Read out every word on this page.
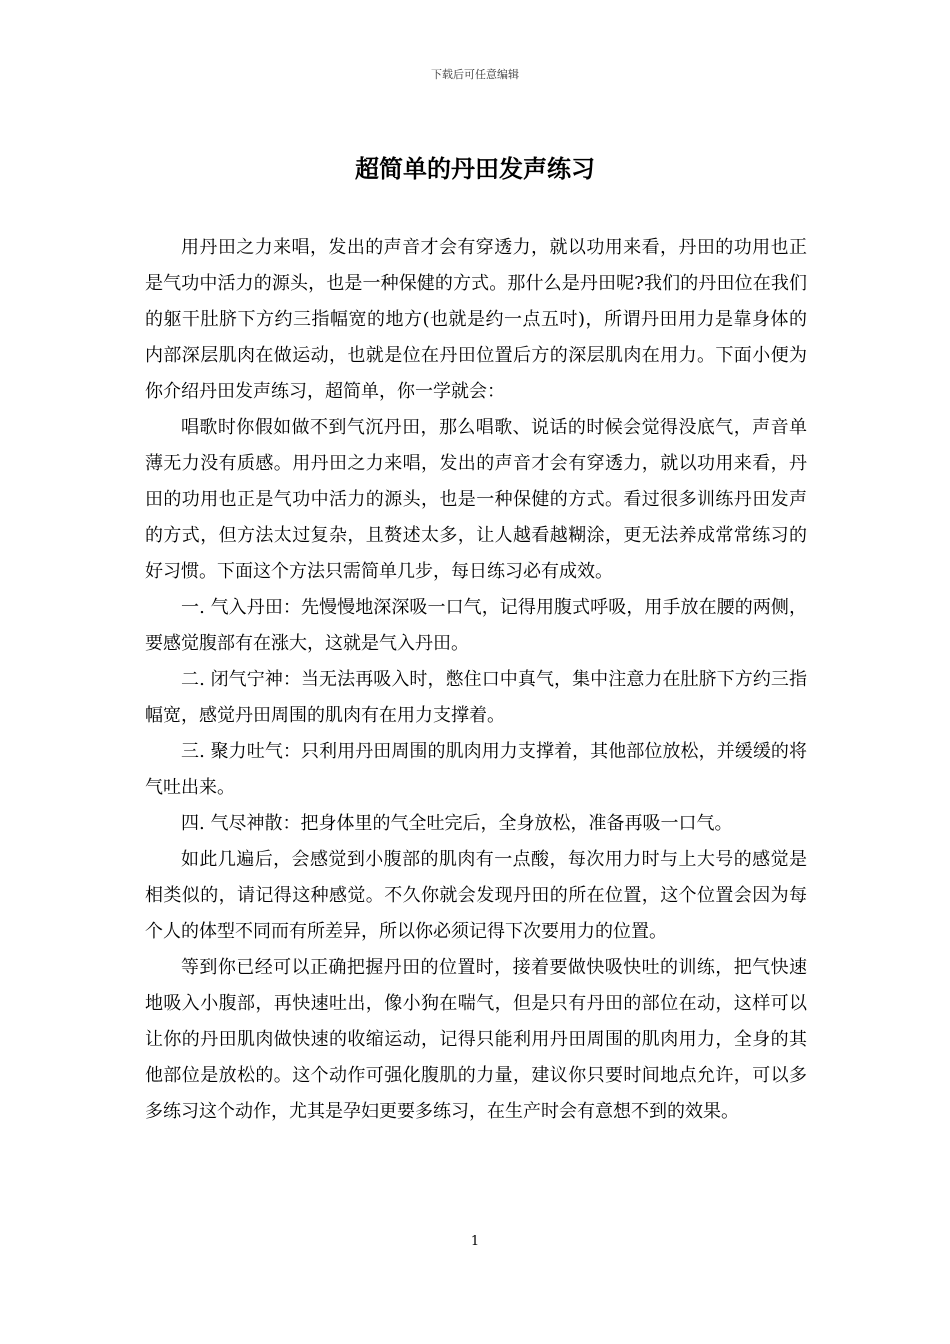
下载后可任意编辑
超简单的丹田发声练习

用丹田之力来唱，发出的声音才会有穿透力，就以功用来看，丹田的功用也正是气功中活力的源头，也是一种保健的方式。那什么是丹田呢?我们的丹田位在我们的躯干肚脐下方约三指幅宽的地方(也就是约一点五吋)，所谓丹田用力是靠身体的内部深层肌肉在做运动，也就是位在丹田位置后方的深层肌肉在用力。下面小便为你介绍丹田发声练习，超简单，你一学就会：

唱歌时你假如做不到气沉丹田，那么唱歌、说话的时候会觉得没底气，声音单薄无力没有质感。用丹田之力来唱，发出的声音才会有穿透力，就以功用来看，丹田的功用也正是气功中活力的源头，也是一种保健的方式。看过很多训练丹田发声的方式，但方法太过复杂，且赘述太多，让人越看越糊涂，更无法养成常常练习的好习惯。下面这个方法只需简单几步，每日练习必有成效。

一. 气入丹田：先慢慢地深深吸一口气，记得用腹式呼吸，用手放在腰的两侧，要感觉腹部有在涨大，这就是气入丹田。

二. 闭气宁神：当无法再吸入时，憋住口中真气，集中注意力在肚脐下方约三指幅宽，感觉丹田周围的肌肉有在用力支撑着。

三. 聚力吐气：只利用丹田周围的肌肉用力支撑着，其他部位放松，并缓缓的将气吐出来。

四. 气尽神散：把身体里的气全吐完后，全身放松，准备再吸一口气。

如此几遍后，会感觉到小腹部的肌肉有一点酸，每次用力时与上大号的感觉是相类似的，请记得这种感觉。不久你就会发现丹田的所在位置，这个位置会因为每个人的体型不同而有所差异，所以你必须记得下次要用力的位置。

等到你已经可以正确把握丹田的位置时，接着要做快吸快吐的训练，把气快速地吸入小腹部，再快速吐出，像小狗在喘气，但是只有丹田的部位在动，这样可以让你的丹田肌肉做快速的收缩运动，记得只能利用丹田周围的肌肉用力，全身的其他部位是放松的。这个动作可强化腹肌的力量，建议你只要时间地点允许，可以多多练习这个动作，尤其是孕妇更要多练习，在生产时会有意想不到的效果。

1
